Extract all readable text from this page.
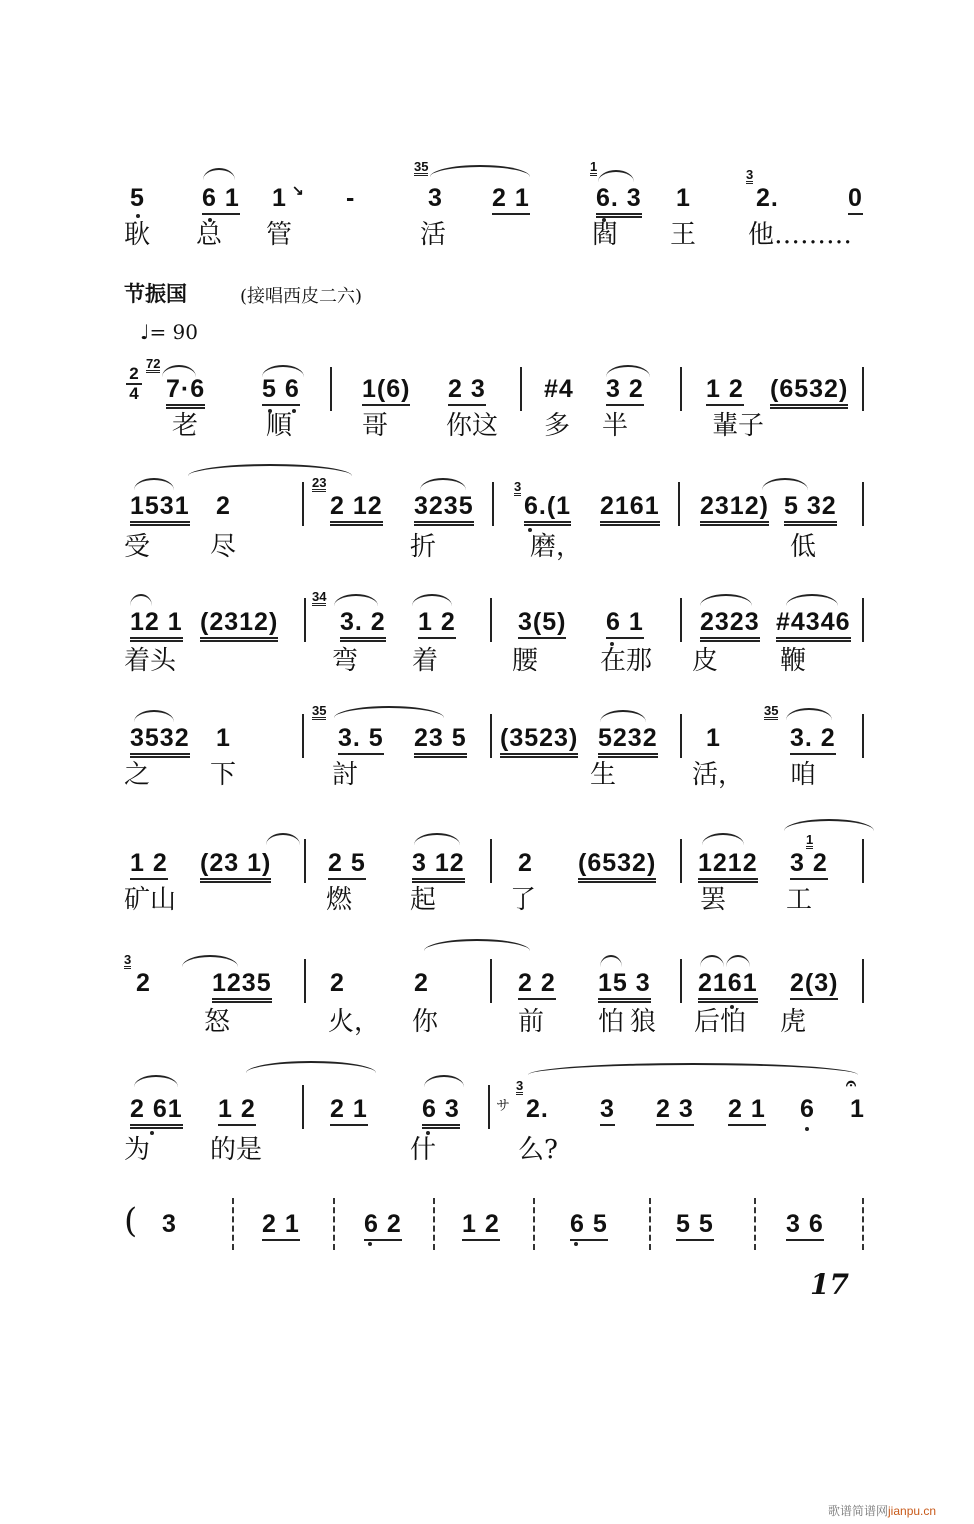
35	1
3
5 6 1 1 ↘ -	3 2 1	6. 3 1	2.	0
耿 总 管	活	閻 王 他………
节振国	(接唱西皮二六)
♩= 90
2
4
72
7·6 5 6 1(6) 2 3 #4 3 2 1 2 (6532)
老	順	哥 你这 多 半	輩子
23
1531 2	2 12 3235
3
6.(1 2161 2312) 5 32
受 尽	折	磨，	低
34
12 1 (2312) 3. 2 1 2 3(5) 6 1 2323 #4346
着头	弯 着	腰 在那 皮 鞭
35	35
3532 1	3. 5 23 5 (3523) 5232 1	3. 2
之 下	討	生	活， 咱
1 2 (23 1) 2 5 3 12 2 (6532) 1212
1
3 2
矿山	燃 起	了	罢 工
3
2 1235 2	2	2 2 15 3 2161 2(3)
怒	火， 你	前 怕 狼 后怕 虎
2 61 1 2	2 1 6 3	サ
3
2. 3 2 3 2 1 6
𝄐
1
为 的是	什	么?
( 3	2 1	6 2 1 2	6 5	5 5	3 6
17
歌谱简谱网jianpu.cn
